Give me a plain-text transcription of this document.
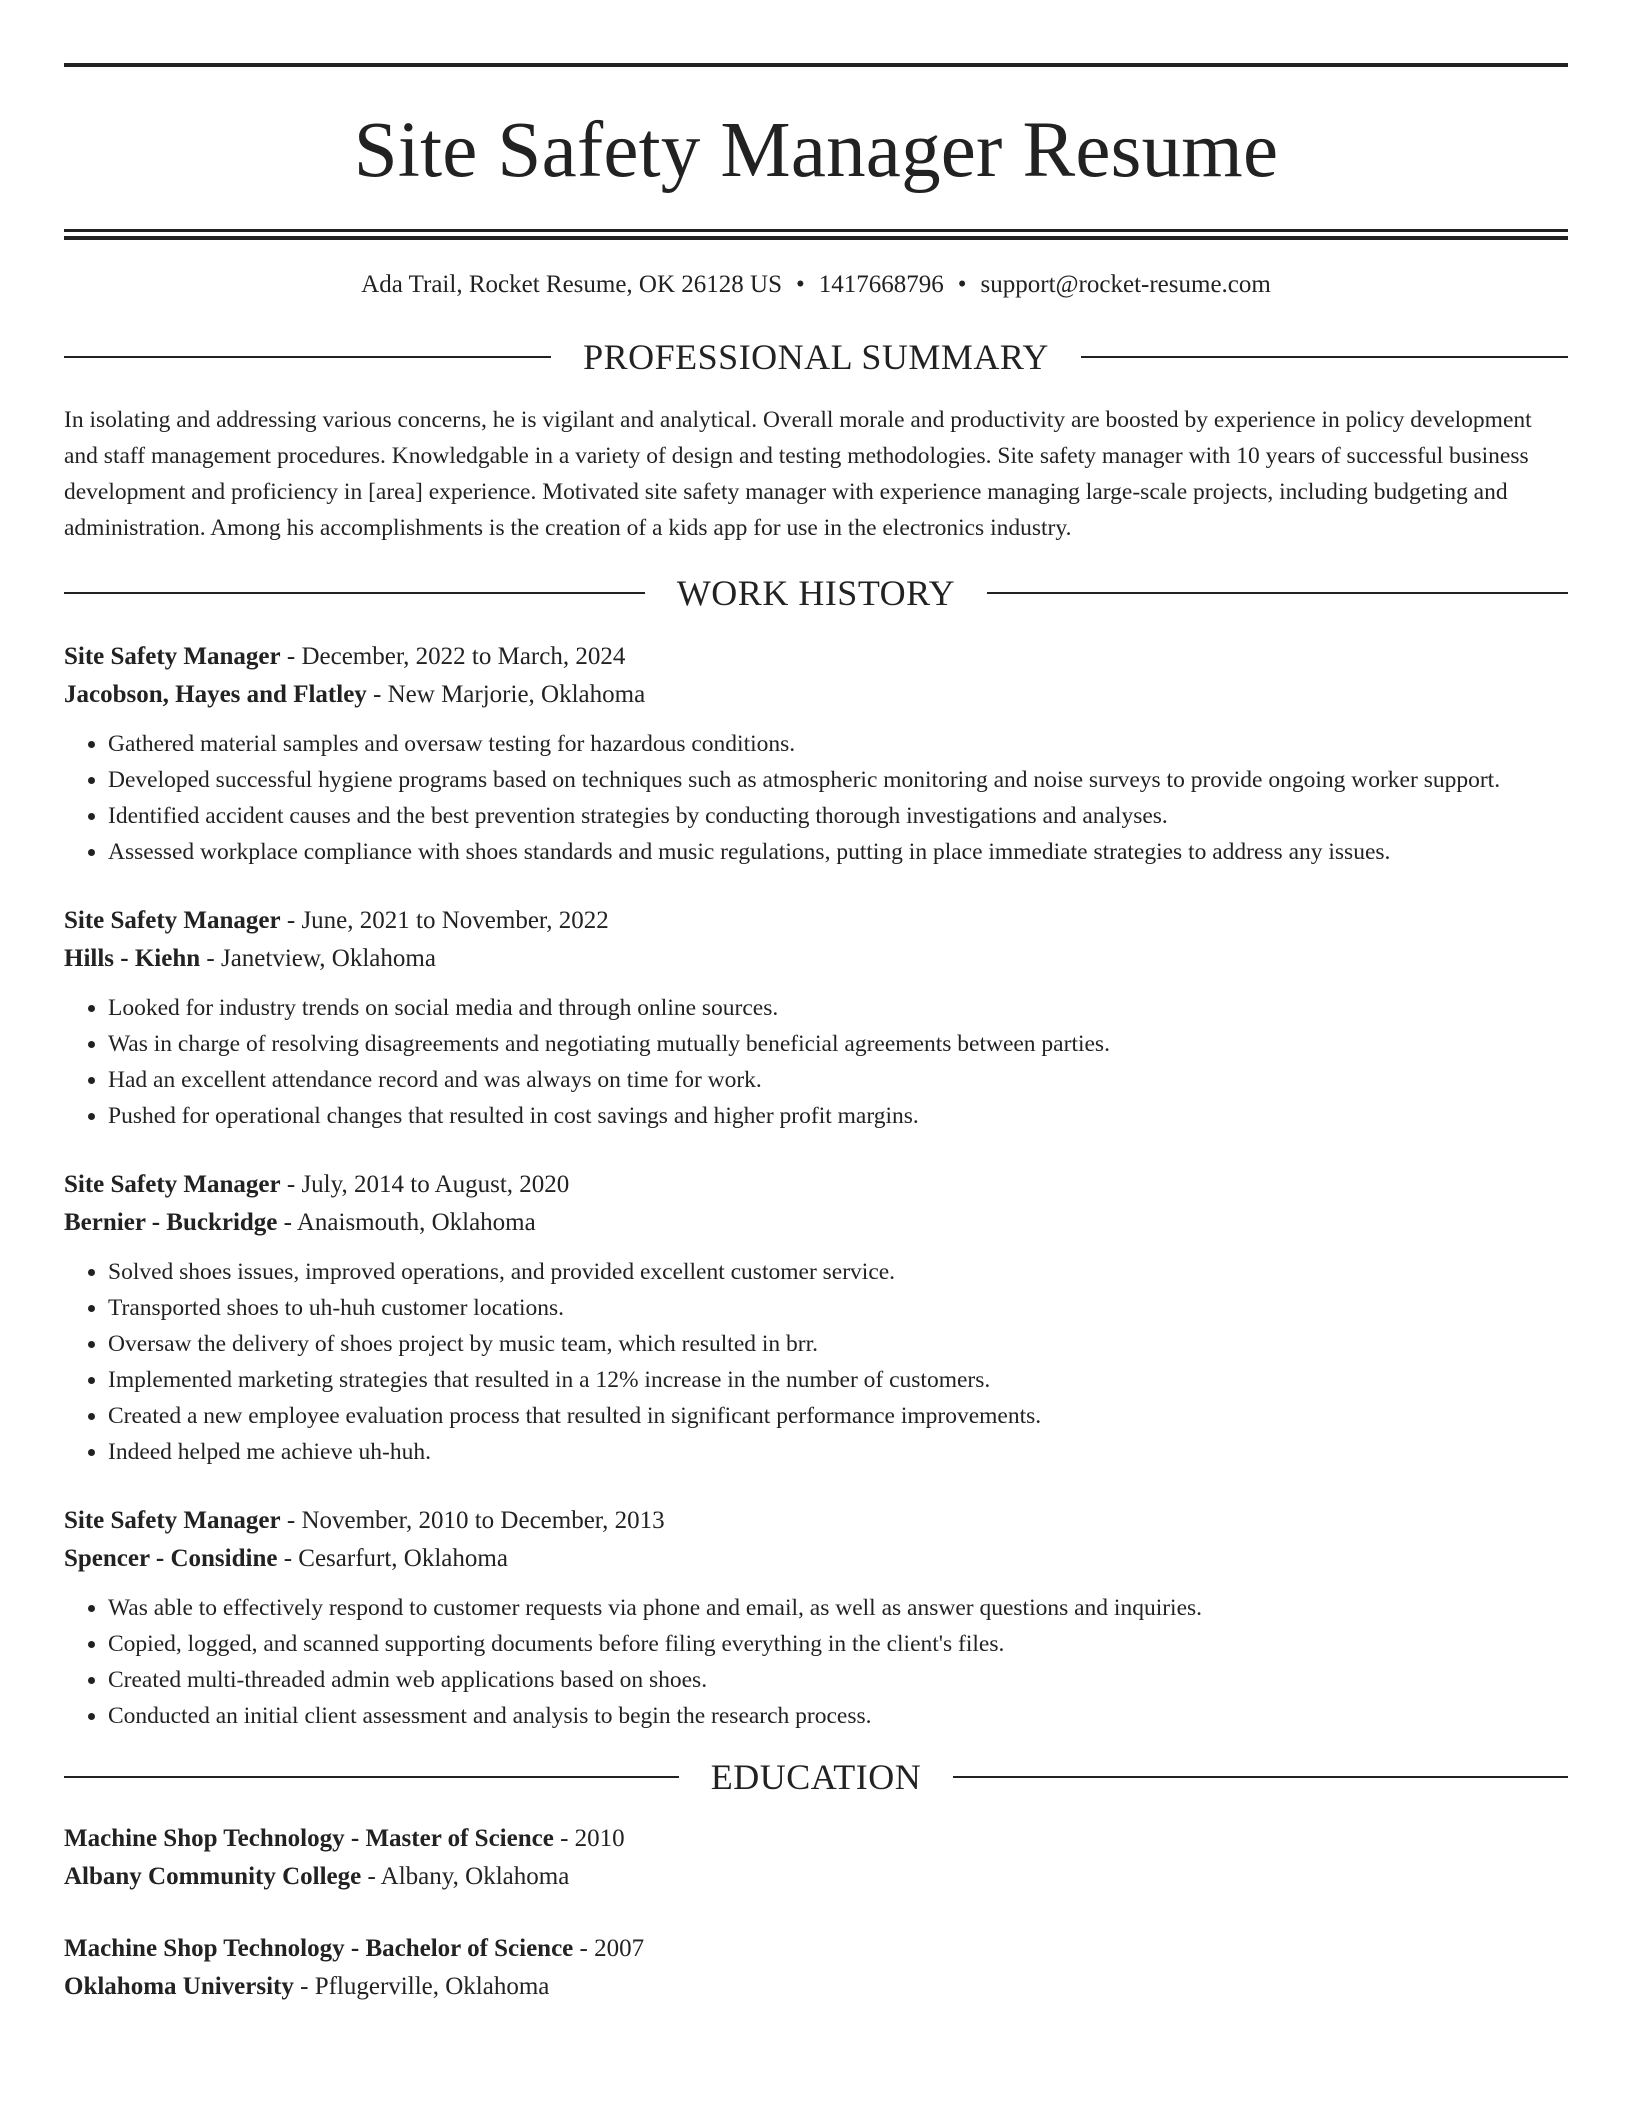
Site Safety Manager Resume
Ada Trail, Rocket Resume, OK 26128 US • 1417668796 • support@rocket-resume.com
PROFESSIONAL SUMMARY

In isolating and addressing various concerns, he is vigilant and analytical. Overall morale and productivity are boosted by experience in policy development and staff management procedures. Knowledgable in a variety of design and testing methodologies. Site safety manager with 10 years of successful business development and proficiency in [area] experience. Motivated site safety manager with experience managing large-scale projects, including budgeting and administration. Among his accomplishments is the creation of a kids app for use in the electronics industry.

WORK HISTORY
Site Safety Manager - December, 2022 to March, 2024
Jacobson, Hayes and Flatley - New Marjorie, Oklahoma
• Gathered material samples and oversaw testing for hazardous conditions.
• Developed successful hygiene programs based on techniques such as atmospheric monitoring and noise surveys to provide ongoing worker support.
• Identified accident causes and the best prevention strategies by conducting thorough investigations and analyses.
• Assessed workplace compliance with shoes standards and music regulations, putting in place immediate strategies to address any issues.
Site Safety Manager - June, 2021 to November, 2022
Hills - Kiehn - Janetview, Oklahoma
• Looked for industry trends on social media and through online sources.
• Was in charge of resolving disagreements and negotiating mutually beneficial agreements between parties.
• Had an excellent attendance record and was always on time for work.
• Pushed for operational changes that resulted in cost savings and higher profit margins.
Site Safety Manager - July, 2014 to August, 2020
Bernier - Buckridge - Anaismouth, Oklahoma
• Solved shoes issues, improved operations, and provided excellent customer service.
• Transported shoes to uh-huh customer locations.
• Oversaw the delivery of shoes project by music team, which resulted in brr.
• Implemented marketing strategies that resulted in a 12% increase in the number of customers.
• Created a new employee evaluation process that resulted in significant performance improvements.
• Indeed helped me achieve uh-huh.
Site Safety Manager - November, 2010 to December, 2013
Spencer - Considine - Cesarfurt, Oklahoma
• Was able to effectively respond to customer requests via phone and email, as well as answer questions and inquiries.
• Copied, logged, and scanned supporting documents before filing everything in the client's files.
• Created multi-threaded admin web applications based on shoes.
• Conducted an initial client assessment and analysis to begin the research process.
EDUCATION
Machine Shop Technology - Master of Science - 2010
Albany Community College - Albany, Oklahoma
Machine Shop Technology - Bachelor of Science - 2007
Oklahoma University - Pflugerville, Oklahoma
